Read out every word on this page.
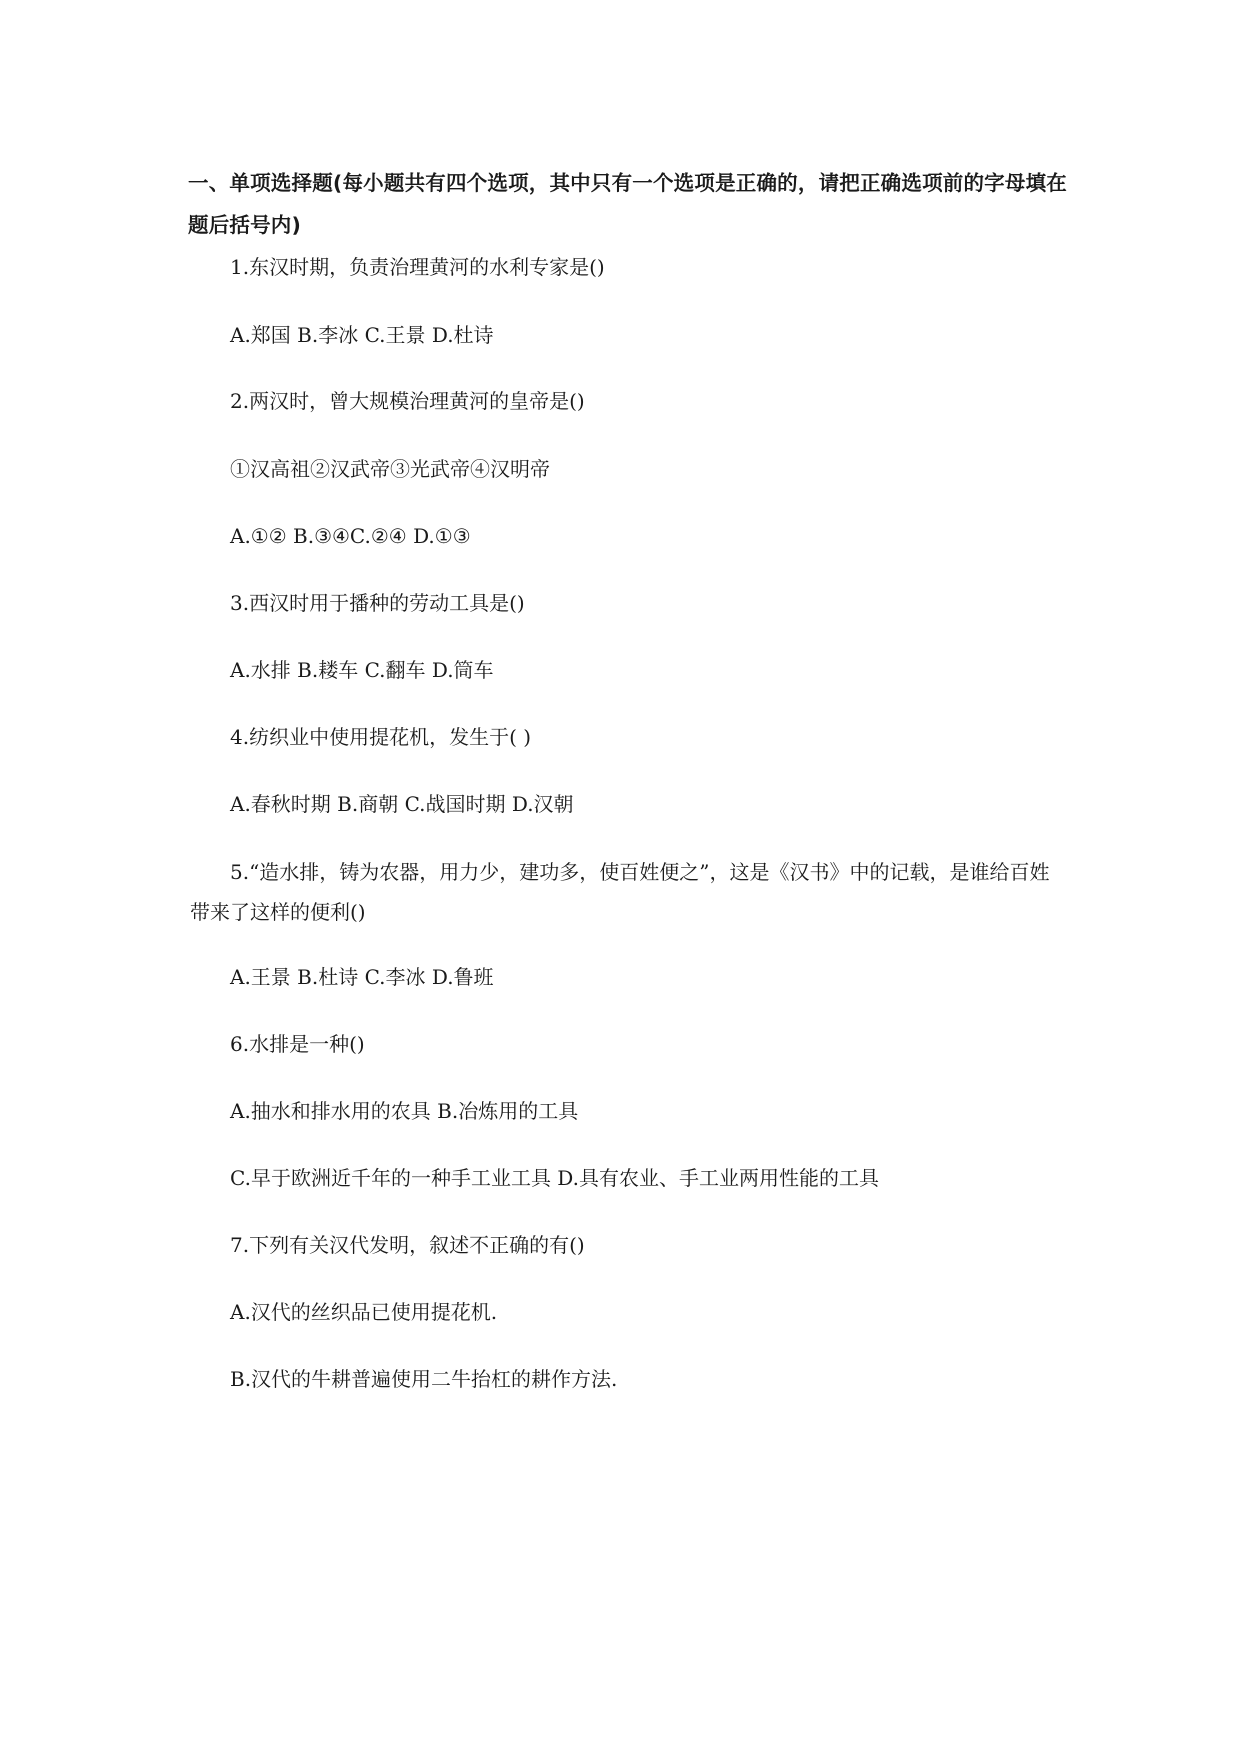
一、单项选择题(每小题共有四个选项，其中只有一个选项是正确的，请把正确选项前的字母填在题后括号内)

1.东汉时期，负责治理黄河的水利专家是()

A.郑国 B.李冰 C.王景 D.杜诗

2.两汉时，曾大规模治理黄河的皇帝是()

①汉高祖②汉武帝③光武帝④汉明帝

A.①② B.③④C.②④ D.①③

3.西汉时用于播种的劳动工具是()

A.水排 B.耧车 C.翻车 D.筒车

4.纺织业中使用提花机，发生于( )

A.春秋时期 B.商朝 C.战国时期 D.汉朝

5.“造水排，铸为农器，用力少，建功多，使百姓便之”，这是《汉书》中的记载，是谁给百姓带来了这样的便利()

A.王景 B.杜诗 C.李冰 D.鲁班

6.水排是一种()

A.抽水和排水用的农具 B.冶炼用的工具

C.早于欧洲近千年的一种手工业工具 D.具有农业、手工业两用性能的工具

7.下列有关汉代发明，叙述不正确的有()

A.汉代的丝织品已使用提花机.

B.汉代的牛耕普遍使用二牛抬杠的耕作方法.
